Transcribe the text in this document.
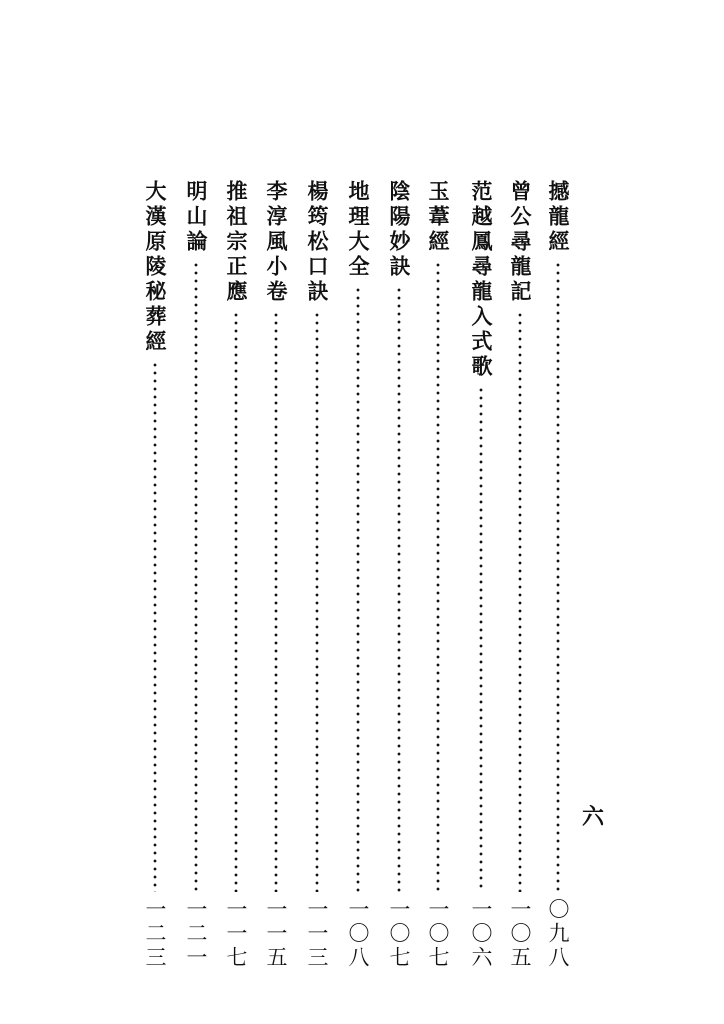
撼龍經
〇九八
曾公尋龍記
一〇五
范越鳳尋龍入式歌
一〇六
玉葦經
一〇七
陰陽妙訣
一〇七
地理大全
一〇八
楊筠松口訣
一一三
李淳風小卷
一一五
推祖宗正應
一一七
明山論
一二一
大漢原陵秘葬經
一二三
六
